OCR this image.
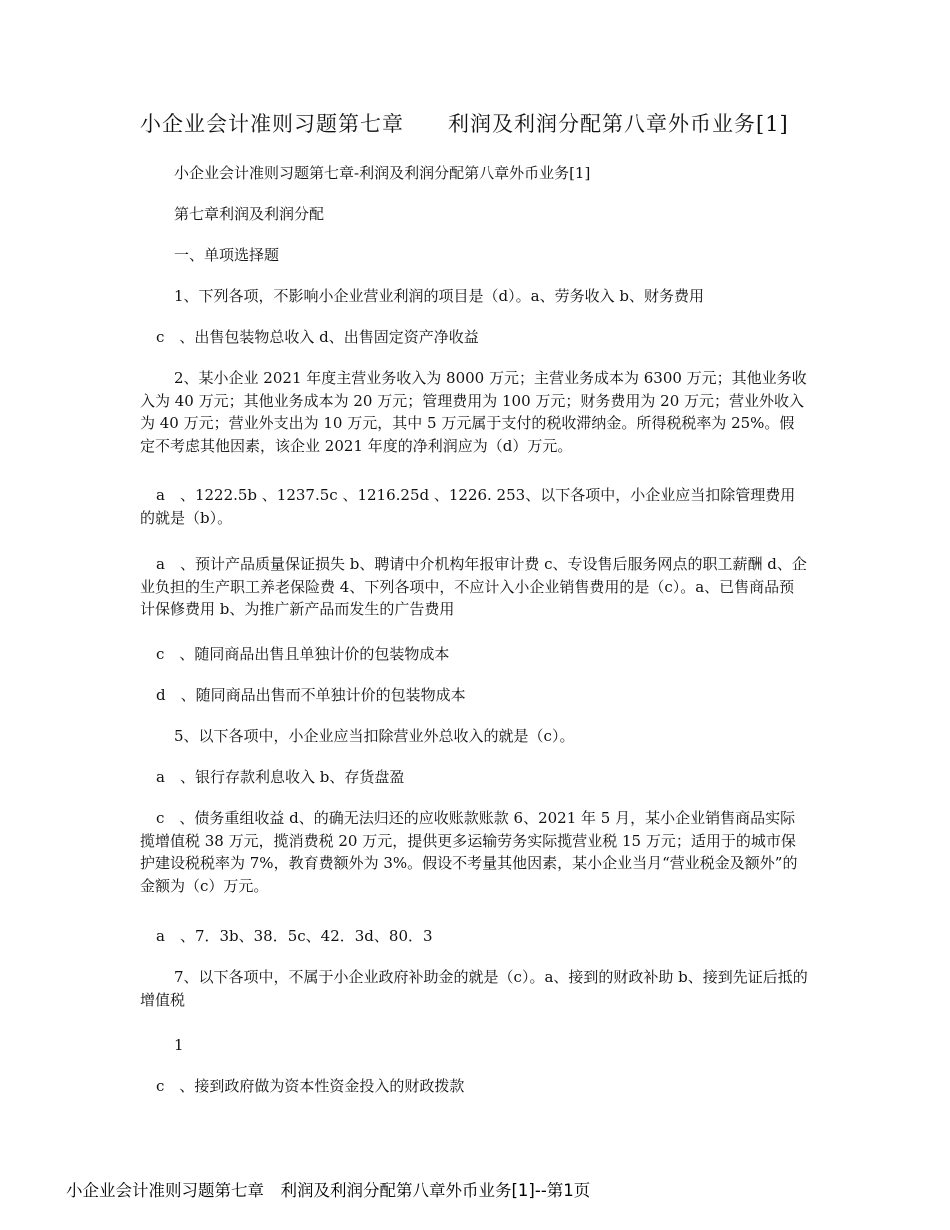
小企业会计准则习题第七章　　利润及利润分配第八章外币业务[1]
小企业会计准则习题第七章-利润及利润分配第八章外币业务[1]
第七章利润及利润分配
一、单项选择题
1、下列各项，不影响小企业营业利润的项目是（d）。a、劳务收入 b、财务费用
c　、出售包装物总收入 d、出售固定资产净收益
2、某小企业 2021 年度主营业务收入为 8000 万元；主营业务成本为 6300 万元；其他业务收入为 40 万元；其他业务成本为 20 万元；管理费用为 100 万元；财务费用为 20 万元；营业外收入为 40 万元；营业外支出为 10 万元，其中 5 万元属于支付的税收滞纳金。所得税税率为 25%。假定不考虑其他因素，该企业 2021 年度的净利润应为（d）万元。
a　、1222.5b 、1237.5c 、1216.25d 、1226. 253、以下各项中，小企业应当扣除管理费用的就是（b）。
a　、预计产品质量保证损失 b、聘请中介机构年报审计费 c、专设售后服务网点的职工薪酬 d、企业负担的生产职工养老保险费 4、下列各项中，不应计入小企业销售费用的是（c）。a、已售商品预计保修费用 b、为推广新产品而发生的广告费用
c　、随同商品出售且单独计价的包装物成本
d　、随同商品出售而不单独计价的包装物成本
5、以下各项中，小企业应当扣除营业外总收入的就是（c）。
a　、银行存款利息收入 b、存货盘盈
c　、债务重组收益 d、的确无法归还的应收账款账款 6、2021 年 5 月，某小企业销售商品实际揽增值税 38 万元，揽消费税 20 万元，提供更多运输劳务实际揽营业税 15 万元；适用于的城市保护建设税税率为 7%，教育费额外为 3%。假设不考量其他因素，某小企业当月“营业税金及额外”的金额为（c）万元。
a　、7．3b、38．5c、42．3d、80．3
7、以下各项中，不属于小企业政府补助金的就是（c）。a、接到的财政补助 b、接到先证后抵的增值税
1
c　、接到政府做为资本性资金投入的财政拨款
小企业会计准则习题第七章　利润及利润分配第八章外币业务[1]--第1页
